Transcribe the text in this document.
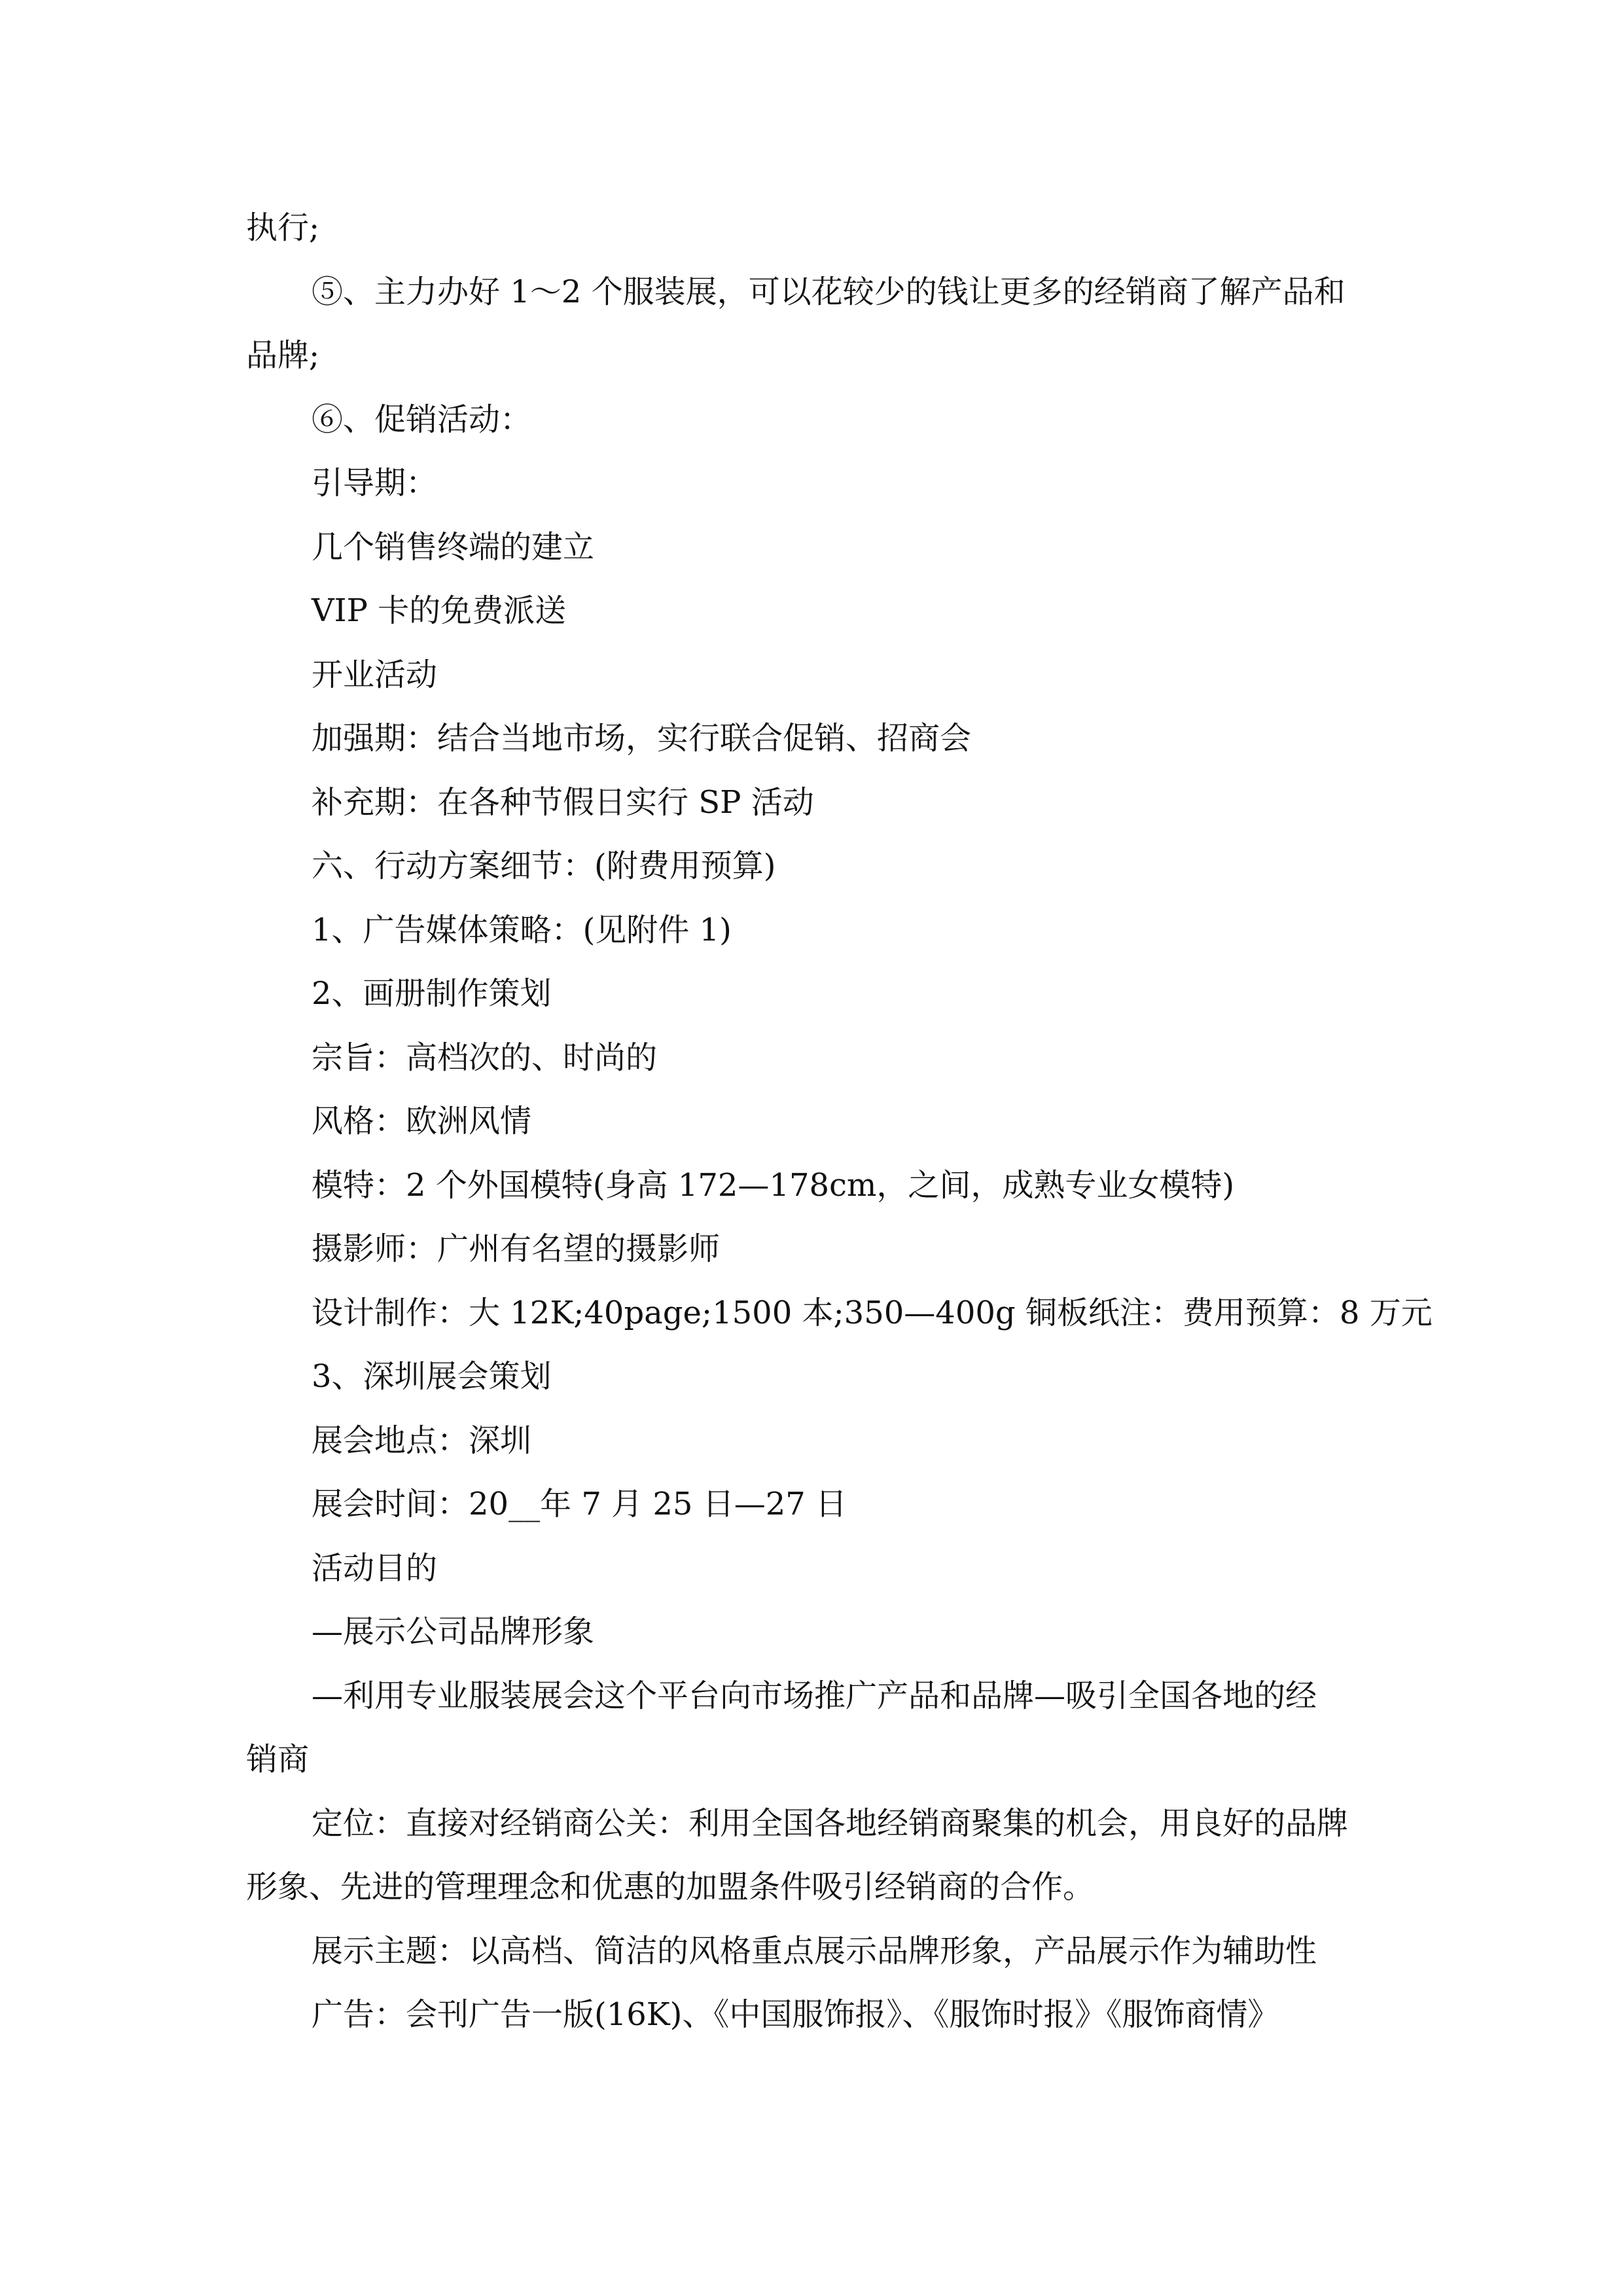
执行;
⑤、主力办好 1～2 个服装展，可以花较少的钱让更多的经销商了解产品和
品牌;
⑥、促销活动：
引导期：
几个销售终端的建立
VIP 卡的免费派送
开业活动
加强期：结合当地市场，实行联合促销、招商会
补充期：在各种节假日实行 SP 活动
六、行动方案细节：(附费用预算)
1、广告媒体策略：(见附件 1)
2、画册制作策划
宗旨：高档次的、时尚的
风格：欧洲风情
模特：2 个外国模特(身高 172—178cm，之间，成熟专业女模特)
摄影师：广州有名望的摄影师
设计制作：大 12K;40page;1500 本;350—400g 铜板纸注：费用预算：8 万元
3、深圳展会策划
展会地点：深圳
展会时间：20__年 7 月 25 日—27 日
活动目的
—展示公司品牌形象
—利用专业服装展会这个平台向市场推广产品和品牌—吸引全国各地的经
销商
定位：直接对经销商公关：利用全国各地经销商聚集的机会，用良好的品牌
形象、先进的管理理念和优惠的加盟条件吸引经销商的合作。
展示主题：以高档、简洁的风格重点展示品牌形象，产品展示作为辅助性
广告：会刊广告一版(16K)、《中国服饰报》、《服饰时报》《服饰商情》
